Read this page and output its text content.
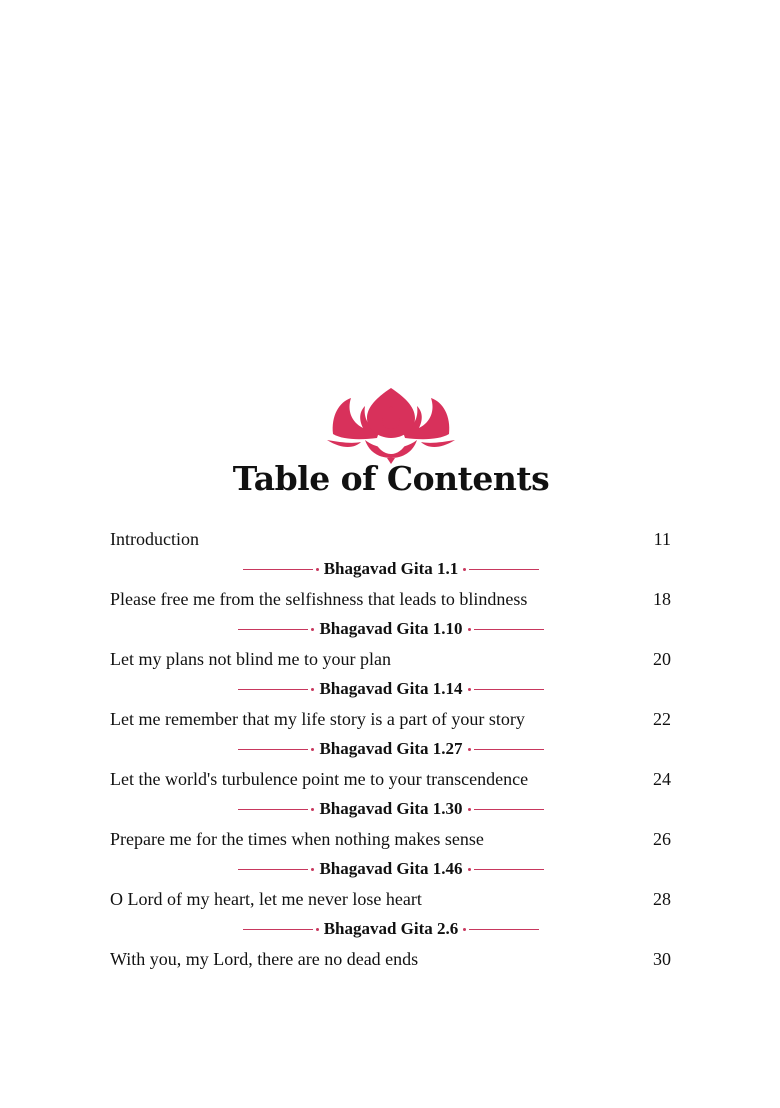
Table of Contents
Introduction	11
Bhagavad Gita 1.1
Please free me from the selfishness that leads to blindness	18
Bhagavad Gita 1.10
Let my plans not blind me to your plan	20
Bhagavad Gita 1.14
Let me remember that my life story is a part of your story	22
Bhagavad Gita 1.27
Let the world's turbulence point me to your transcendence	24
Bhagavad Gita 1.30
Prepare me for the times when nothing makes sense	26
Bhagavad Gita 1.46
O Lord of my heart, let me never lose heart	28
Bhagavad Gita 2.6
With you, my Lord, there are no dead ends	30
